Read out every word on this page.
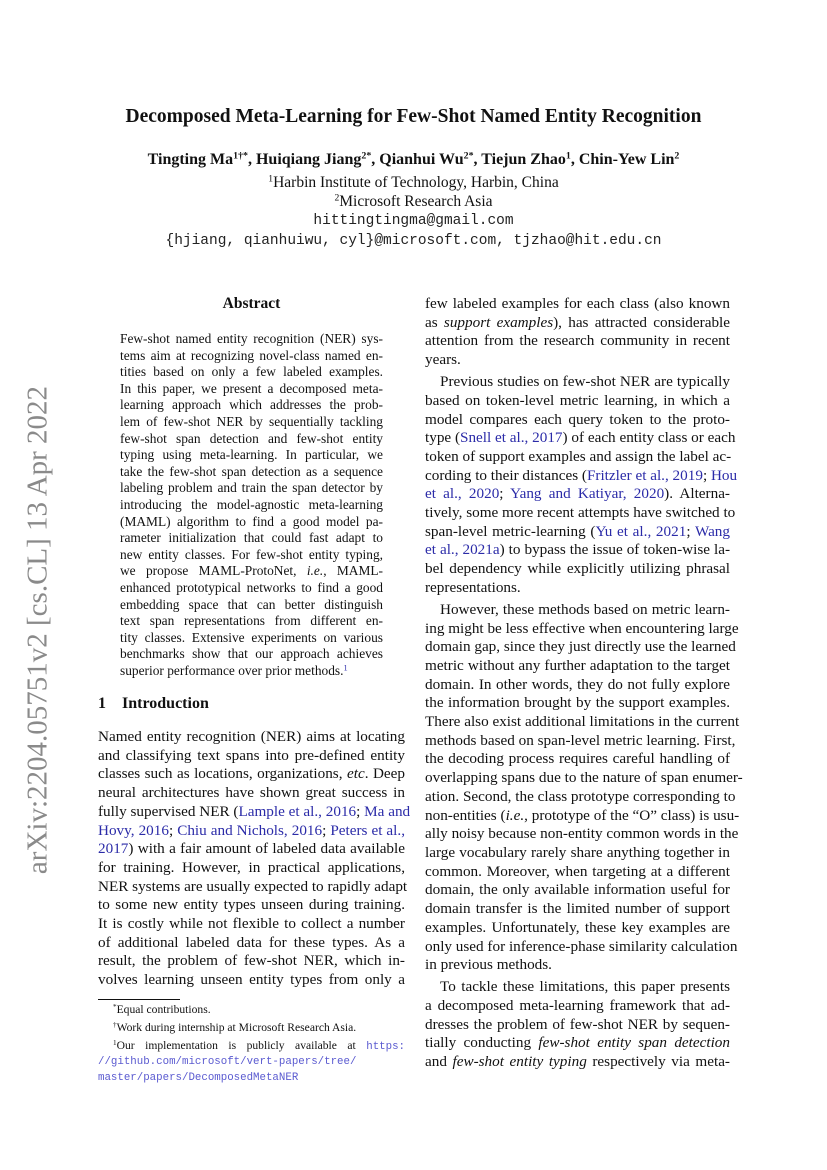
Decomposed Meta-Learning for Few-Shot Named Entity Recognition
Tingting $Ma^{1\dagger*}$, Huiqiang Jiang$^{2*}$, Qianhui $Wu^{2*}$, Tiejun Zhao$^1$, Chin-Yew Lin$^2$
$^1$Harbin Institute of Technology, Harbin, China
$^2$Microsoft Research Asia
hittingtingma@gmail.com
{hjiang, qianhuiwu, cyl}@microsoft.com, tjzhao@hit.edu.cn
arXiv:2204.05751v2 [cs.CL] 13 Apr 2022
Abstract
Few-shot named entity recognition (NER) sys-
tems aim at recognizing novel-class named en-
tities based on only a few labeled examples.
In this paper, we present a decomposed meta-
learning approach which addresses the prob-
lem of few-shot NER by sequentially tackling
few-shot span detection and few-shot entity
typing using meta-learning. In particular, we
take the few-shot span detection as a sequence
labeling problem and train the span detector by
introducing the model-agnostic meta-learning
(MAML) algorithm to find a good model pa-
rameter initialization that could fast adapt to
new entity classes. For few-shot entity typing,
we propose MAML-ProtoNet, i.e., MAML-
enhanced prototypical networks to find a good
embedding space that can better distinguish
text span representations from different en-
tity classes. Extensive experiments on various
benchmarks show that our approach achieves
superior performance over prior methods.$^1$
1 Introduction
Named entity recognition (NER) aims at locating
and classifying text spans into pre-defined entity
classes such as locations, organizations, etc. Deep
neural architectures have shown great success in
fully supervised NER (Lample et al., 2016; Ma and
Hovy, 2016; Chiu and Nichols, 2016; Peters et al.,
2017) with a fair amount of labeled data available
for training. However, in practical applications,
NER systems are usually expected to rapidly adapt
to some new entity types unseen during training.
It is costly while not flexible to collect a number
of additional labeled data for these types. As a
result, the problem of few-shot NER, which in-
volves learning unseen entity types from only a
few labeled examples for each class (also known
as support examples), has attracted considerable
attention from the research community in recent
years.
Previous studies on few-shot NER are typically
based on token-level metric learning, in which a
model compares each query token to the proto-
type (Snell et al., 2017) of each entity class or each
token of support examples and assign the label ac-
cording to their distances (Fritzler et al., 2019; Hou
et al., 2020; Yang and Katiyar, 2020). Alterna-
tively, some more recent attempts have switched to
span-level metric-learning (Yu et al., 2021; Wang
et al., 2021a) to bypass the issue of token-wise la-
bel dependency while explicitly utilizing phrasal
representations.
However, these methods based on metric learn-
ing might be less effective when encountering large
domain gap, since they just directly use the learned
metric without any further adaptation to the target
domain. In other words, they do not fully explore
the information brought by the support examples.
There also exist additional limitations in the current
methods based on span-level metric learning. First,
the decoding process requires careful handling of
overlapping spans due to the nature of span enumer-
ation. Second, the class prototype corresponding to
non-entities (i.e., prototype of the “O” class) is usu-
ally noisy because non-entity common words in the
large vocabulary rarely share anything together in
common. Moreover, when targeting at a different
domain, the only available information useful for
domain transfer is the limited number of support
examples. Unfortunately, these key examples are
only used for inference-phase similarity calculation
in previous methods.
To tackle these limitations, this paper presents
a decomposed meta-learning framework that ad-
dresses the problem of few-shot NER by sequen-
tially conducting few-shot entity span detection
and few-shot entity typing respectively via meta-
*Equal contributions.
†Work during internship at Microsoft Research Asia.
$^1$Our implementation is publicly available at https:
//github.com/microsoft/vert-papers/tree/
master/papers/DecomposedMetaNER
